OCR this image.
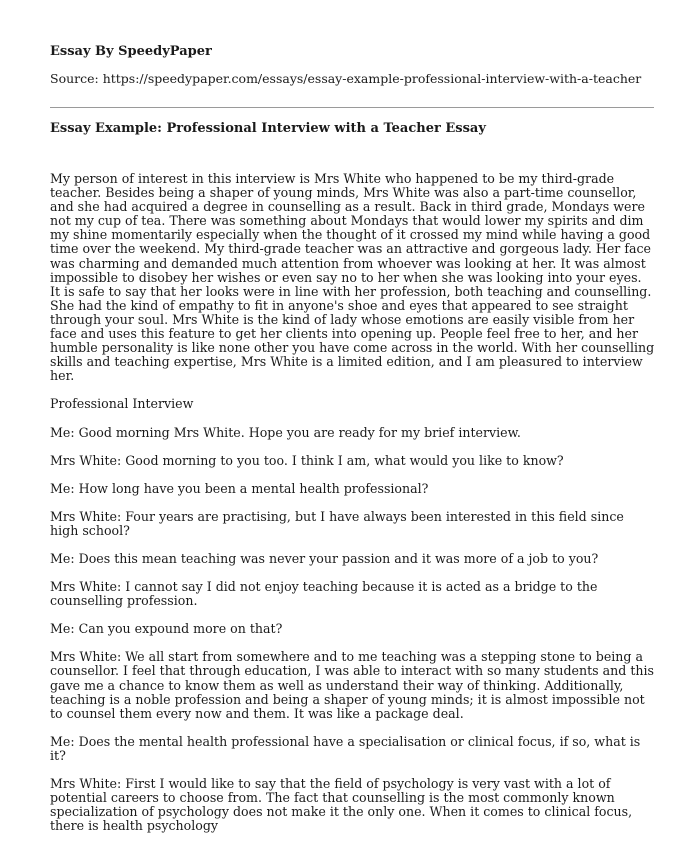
Essay By SpeedyPaper

Source: https://speedypaper.com/essays/essay-example-professional-interview-with-a-teacher

Essay Example: Professional Interview with a Teacher Essay

My person of interest in this interview is Mrs White who happened to be my third-grade teacher. Besides being a shaper of young minds, Mrs White was also a part-time counsellor, and she had acquired a degree in counselling as a result. Back in third grade, Mondays were not my cup of tea. There was something about Mondays that would lower my spirits and dim my shine momentarily especially when the thought of it crossed my mind while having a good time over the weekend. My third-grade teacher was an attractive and gorgeous lady. Her face was charming and demanded much attention from whoever was looking at her. It was almost impossible to disobey her wishes or even say no to her when she was looking into your eyes. It is safe to say that her looks were in line with her profession, both teaching and counselling. She had the kind of empathy to fit in anyone's shoe and eyes that appeared to see straight through your soul. Mrs White is the kind of lady whose emotions are easily visible from her face and uses this feature to get her clients into opening up. People feel free to her, and her humble personality is like none other you have come across in the world. With her counselling skills and teaching expertise, Mrs White is a limited edition, and I am pleasured to interview her.

Professional Interview

Me: Good morning Mrs White. Hope you are ready for my brief interview.

Mrs White: Good morning to you too. I think I am, what would you like to know?

Me: How long have you been a mental health professional?

Mrs White: Four years are practising, but I have always been interested in this field since high school?

Me: Does this mean teaching was never your passion and it was more of a job to you?

Mrs White: I cannot say I did not enjoy teaching because it is acted as a bridge to the counselling profession.

Me: Can you expound more on that?

Mrs White: We all start from somewhere and to me teaching was a stepping stone to being a counsellor. I feel that through education, I was able to interact with so many students and this gave me a chance to know them as well as understand their way of thinking. Additionally, teaching is a noble profession and being a shaper of young minds; it is almost impossible not to counsel them every now and them. It was like a package deal.

Me: Does the mental health professional have a specialisation or clinical focus, if so, what is it?

Mrs White: First I would like to say that the field of psychology is very vast with a lot of potential careers to choose from. The fact that counselling is the most commonly known specialization of psychology does not make it the only one. When it comes to clinical focus, there is health psychology
